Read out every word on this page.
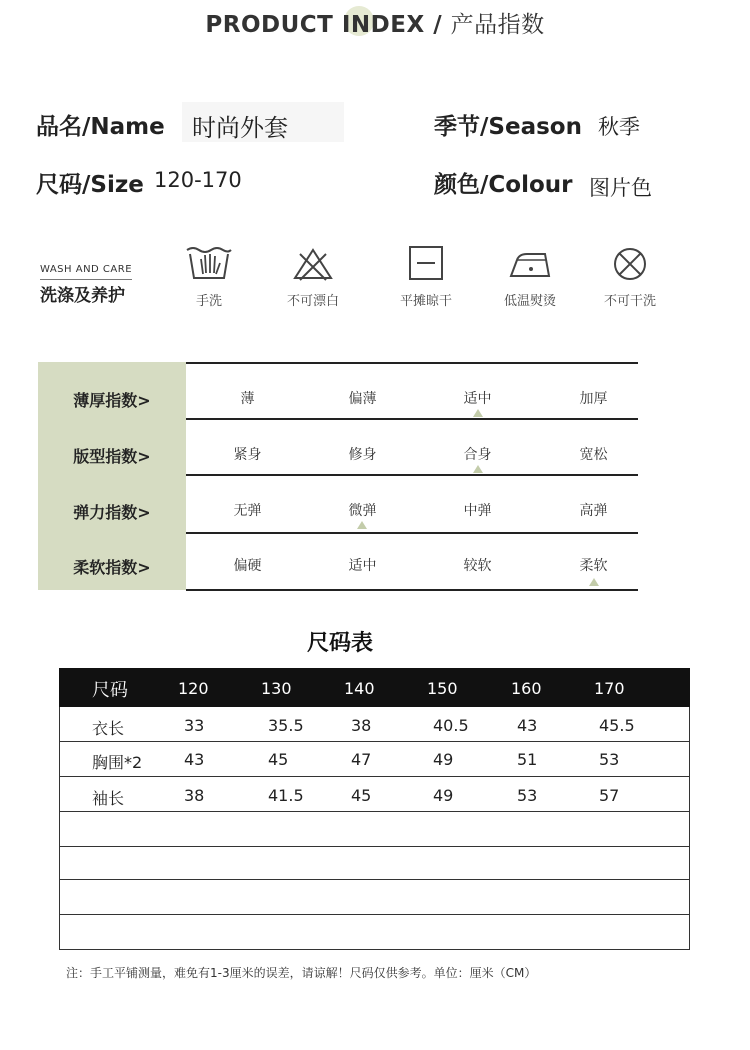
PRODUCT INDEX / 产品指数
品名/Name 时尚外套	季节/Season 秋季
尺码/Size 120-170	颜色/Colour 图片色
WASH AND CARE
洗涤及养护	手洗	不可漂白	平摊晾干	低温熨烫	不可干洗
薄厚指数>	薄	偏薄	适中	加厚
版型指数>	紧身	修身	合身	宽松
弹力指数>	无弹	微弹	中弹	高弹
柔软指数>	偏硬	适中	较软	柔软
尺码表
尺码	120	130	140	150	160	170
衣长	33	35.5	38	40.5	43	45.5
胸围*2	43	45	47	49	51	53
袖长	38	41.5	45	49	53	57
注：手工平铺测量，难免有1-3厘米的误差，请谅解！尺码仅供参考。单位：厘米（CM）
